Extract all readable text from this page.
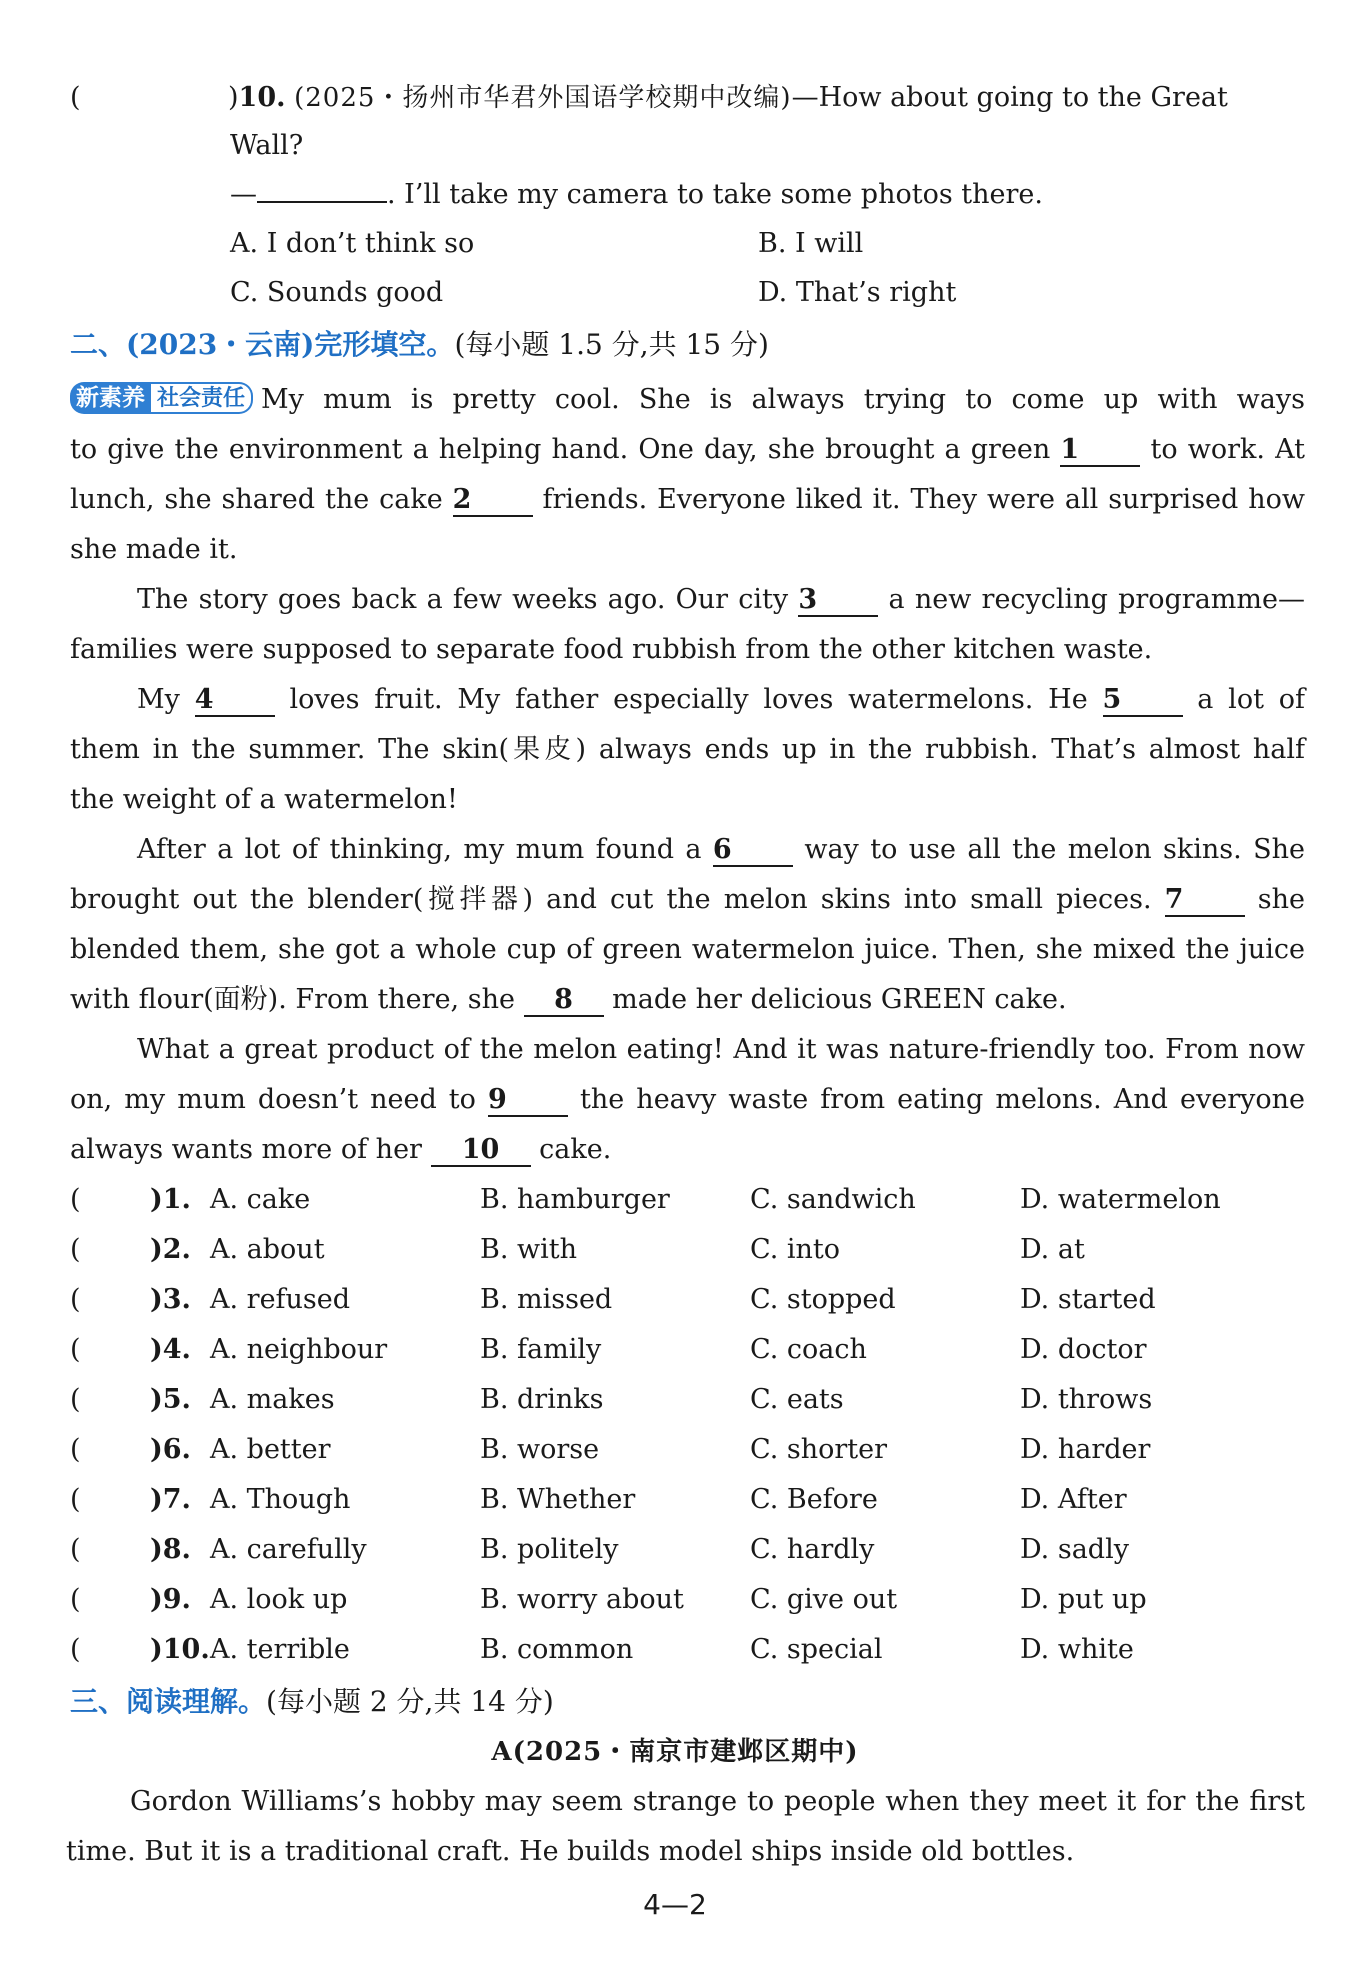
(	)10. (2025・扬州市华君外国语学校期中改编)—How about going to the Great
Wall?
—	. I’ll take my camera to take some photos there.
A. I don’t think so	B. I will
C. Sounds good	D. That’s right
二、(2023・云南)完形填空。(每小题 1.5 分,共 15 分)
新素养 社会责任 My mum is pretty cool. She is always trying to come up with ways
to give the environment a helping hand. One day, she brought a green 1	to work. At
lunch, she shared the cake 2	friends. Everyone liked it. They were all surprised how
she made it.
The story goes back a few weeks ago. Our city 3	a new recycling programme—
families were supposed to separate food rubbish from the other kitchen waste.
My 4	loves fruit. My father especially loves watermelons. He 5	a lot of
them in the summer. The skin(果皮) always ends up in the rubbish. That’s almost half
the weight of a watermelon!
After a lot of thinking, my mum found a 6	way to use all the melon skins. She
brought out the blender(搅拌器) and cut the melon skins into small pieces. 7	she
blended them, she got a whole cup of green watermelon juice. Then, she mixed the juice
with flour(面粉). From there, she 8 made her delicious GREEN cake.
What a great product of the melon eating! And it was nature-friendly too. From now
on, my mum doesn’t need to 9	the heavy waste from eating melons. And everyone
always wants more of her 10 cake.
(	)1. A. cake	B. hamburger	C. sandwich	D. watermelon
(	)2. A. about	B. with	C. into	D. at
(	)3. A. refused	B. missed	C. stopped	D. started
(	)4. A. neighbour	B. family	C. coach	D. doctor
(	)5. A. makes	B. drinks	C. eats	D. throws
(	)6. A. better	B. worse	C. shorter	D. harder
(	)7. A. Though	B. Whether	C. Before	D. After
(	)8. A. carefully	B. politely	C. hardly	D. sadly
(	)9. A. look up	B. worry about C. give out	D. put up
(	)10. A. terrible	B. common	C. special	D. white
三、阅读理解。(每小题 2 分,共 14 分)
A(2025・南京市建邺区期中)
Gordon Williams’s hobby may seem strange to people when they meet it for the first
time. But it is a traditional craft. He builds model ships inside old bottles.
4—2
